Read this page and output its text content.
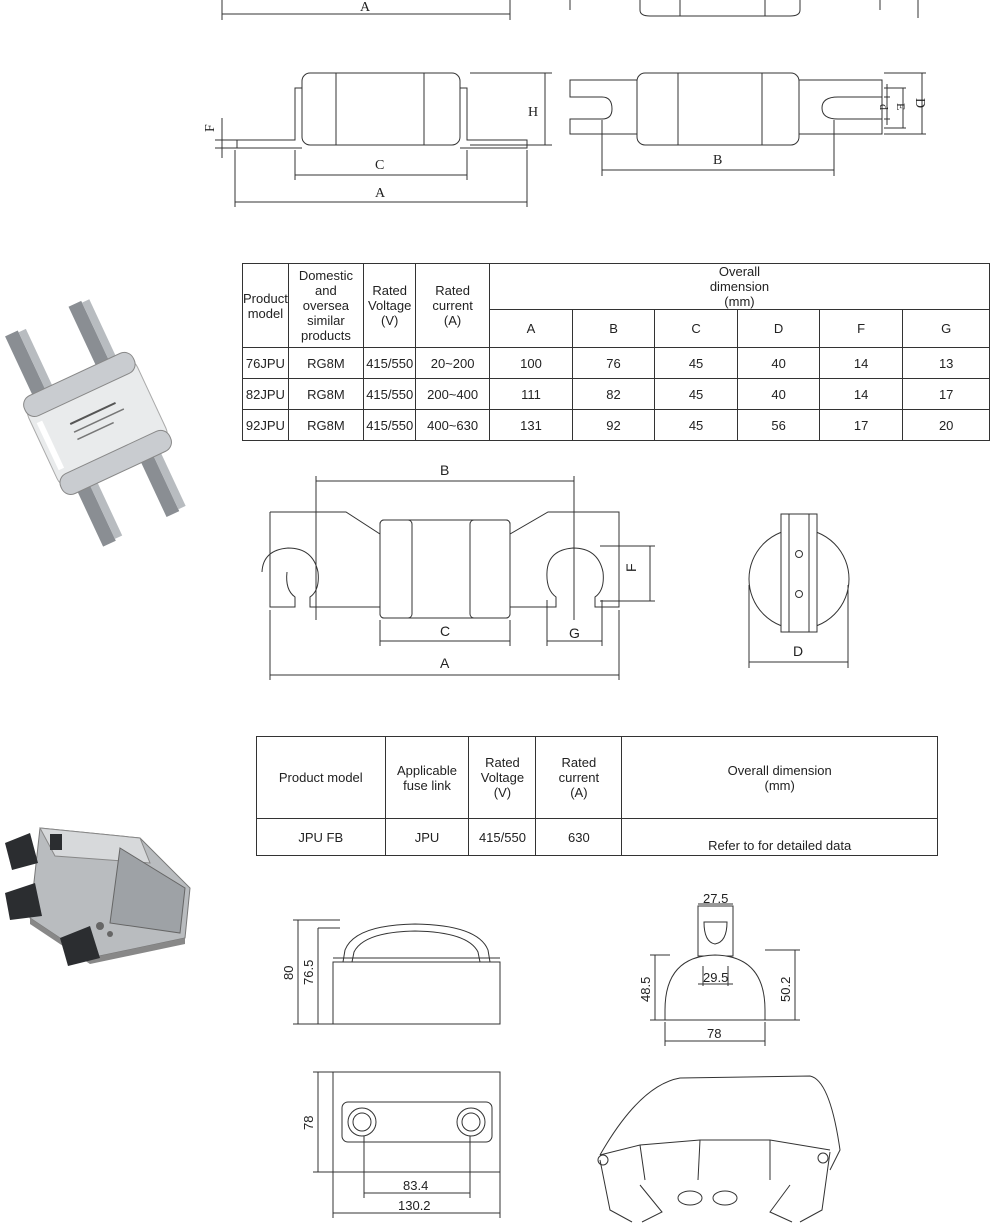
A
F
H
C
A
B
d E D
Product model	Domestic and oversea similar products	Rated Voltage (V)	Rated current (A)	Overall dimension (mm)					
				A	B	C	D	F	G
76JPU	RG8M	415/550	20~200	100	76	45	40	14	13
82JPU	RG8M	415/550	200~400	111	82	45	40	14	17
92JPU	RG8M	415/550	400~630	131	92	45	56	17	20
B
F
C	G
A
D
Product model	Applicable fuse link	Rated Voltage (V)	Rated current (A)	Overall dimension (mm)
JPU FB	JPU	415/550	630	Refer to for detailed data
80 76.5
27.5
29.5
48.5	50.2
78
78
83.4
130.2
